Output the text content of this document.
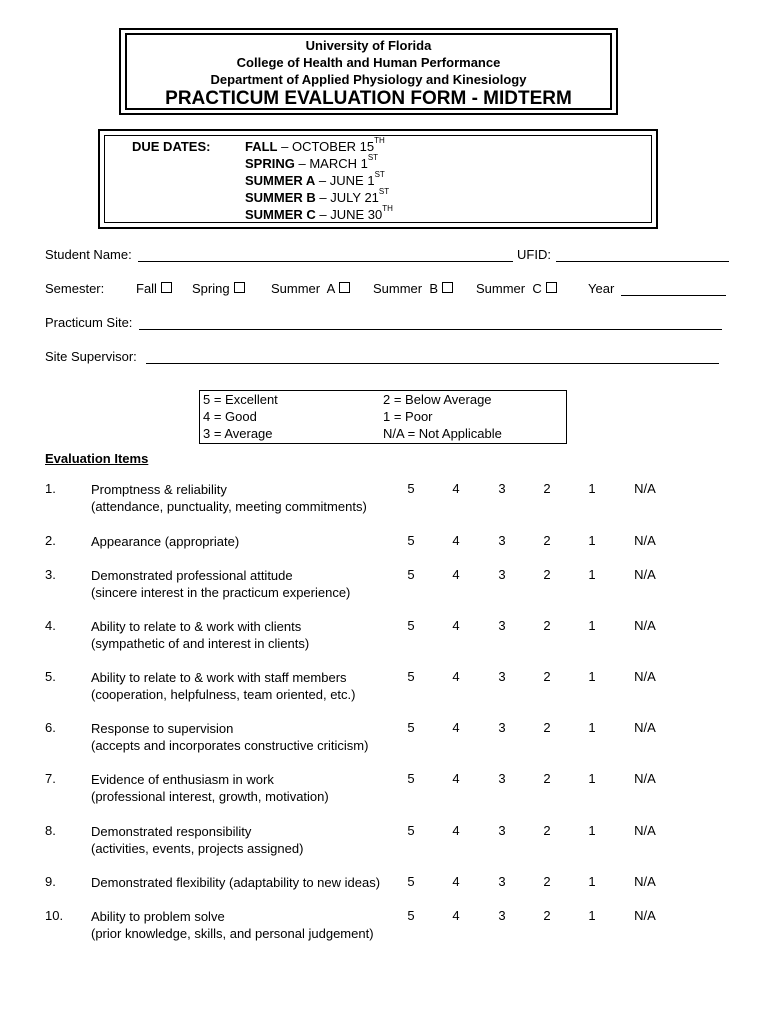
University of Florida
College of Health and Human Performance
Department of Applied Physiology and Kinesiology
PRACTICUM EVALUATION FORM - MIDTERM
DUE DATES:	FALL – OCTOBER 15TH
SPRING – MARCH 1ST
SUMMER A – JUNE 1ST
SUMMER B – JULY 21ST
SUMMER C – JUNE 30TH
Student Name:	UFID:
Semester: Fall	Spring	Summer  A	Summer  B	Summer  C	Year
Practicum Site:
Site Supervisor:
5 = Excellent
4 = Good
3 = Average
2 = Below Average
1 = Poor
N/A = Not Applicable
Evaluation Items
1.	Promptness & reliability
(attendance, punctuality, meeting commitments)
5	4	3	2	1	N/A
2.	Appearance (appropriate)	5	4	3	2	1	N/A
3.	Demonstrated professional attitude
(sincere interest in the practicum experience)
5	4	3	2	1	N/A
4.	Ability to relate to & work with clients
(sympathetic of and interest in clients)
5	4	3	2	1	N/A
5.	Ability to relate to & work with staff members
(cooperation, helpfulness, team oriented, etc.)
5	4	3	2	1	N/A
6.	Response to supervision
(accepts and incorporates constructive criticism)
5	4	3	2	1	N/A
7.	Evidence of enthusiasm in work
(professional interest, growth, motivation)
5	4	3	2	1	N/A
8.	Demonstrated responsibility
(activities, events, projects assigned)
5	4	3	2	1	N/A
9.	Demonstrated flexibility (adaptability to new ideas)	5	4	3	2	1	N/A
10. Ability to problem solve
(prior knowledge, skills, and personal judgement)
5	4	3	2	1	N/A
